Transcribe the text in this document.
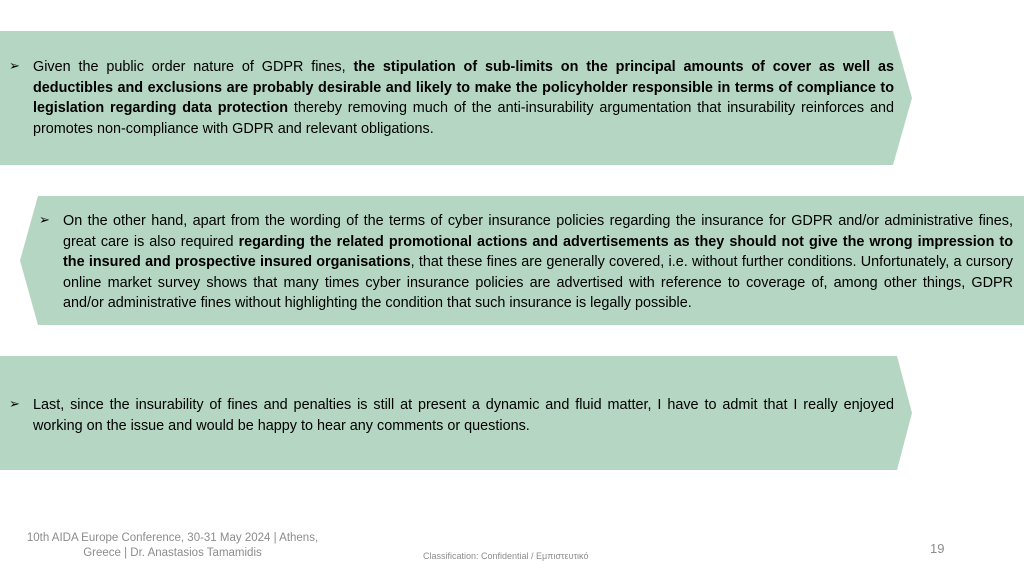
➢ Given the public order nature of GDPR fines, the stipulation of sub-limits on the principal amounts of cover as well as deductibles and exclusions are probably desirable and likely to make the policyholder responsible in terms of compliance to legislation regarding data protection thereby removing much of the anti-insurability argumentation that insurability reinforces and promotes non-compliance with GDPR and relevant obligations.
➢ On the other hand, apart from the wording of the terms of cyber insurance policies regarding the insurance for GDPR and/or administrative fines, great care is also required regarding the related promotional actions and advertisements as they should not give the wrong impression to the insured and prospective insured organisations, that these fines are generally covered, i.e. without further conditions. Unfortunately, a cursory online market survey shows that many times cyber insurance policies are advertised with reference to coverage of, among other things, GDPR and/or administrative fines without highlighting the condition that such insurance is legally possible.
➢ Last, since the insurability of fines and penalties is still at present a dynamic and fluid matter, I have to admit that I really enjoyed working on the issue and would be happy to hear any comments or questions.
10th AIDA Europe Conference, 30-31 May 2024 | Athens, Greece | Dr. Anastasios Tamamidis	Classification: Confidential / Εμπιστευτικό	19
